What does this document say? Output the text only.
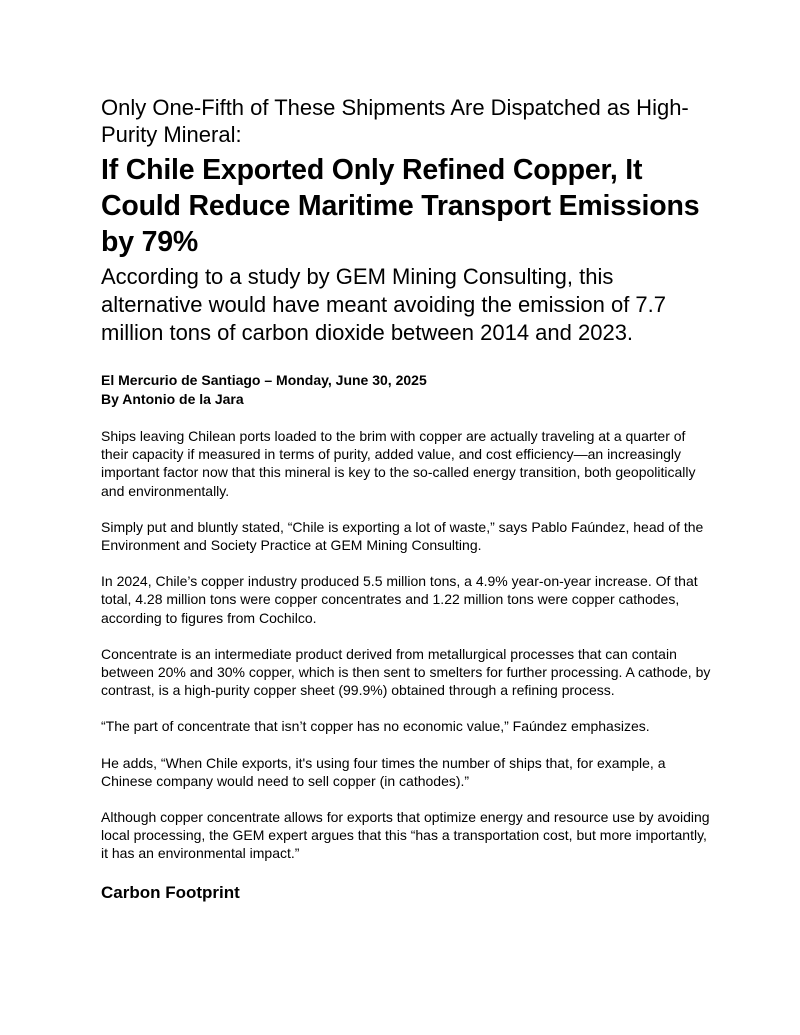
Only One-Fifth of These Shipments Are Dispatched as High-Purity Mineral:
If Chile Exported Only Refined Copper, It Could Reduce Maritime Transport Emissions by 79%

According to a study by GEM Mining Consulting, this alternative would have meant avoiding the emission of 7.7 million tons of carbon dioxide between 2014 and 2023.

El Mercurio de Santiago – Monday, June 30, 2025
By Antonio de la Jara

Ships leaving Chilean ports loaded to the brim with copper are actually traveling at a quarter of their capacity if measured in terms of purity, added value, and cost efficiency—an increasingly important factor now that this mineral is key to the so-called energy transition, both geopolitically and environmentally.

Simply put and bluntly stated, “Chile is exporting a lot of waste,” says Pablo Faúndez, head of the Environment and Society Practice at GEM Mining Consulting.

In 2024, Chile’s copper industry produced 5.5 million tons, a 4.9% year-on-year increase. Of that total, 4.28 million tons were copper concentrates and 1.22 million tons were copper cathodes, according to figures from Cochilco.

Concentrate is an intermediate product derived from metallurgical processes that can contain between 20% and 30% copper, which is then sent to smelters for further processing. A cathode, by contrast, is a high-purity copper sheet (99.9%) obtained through a refining process.

“The part of concentrate that isn’t copper has no economic value,” Faúndez emphasizes.

He adds, “When Chile exports, it's using four times the number of ships that, for example, a Chinese company would need to sell copper (in cathodes).”

Although copper concentrate allows for exports that optimize energy and resource use by avoiding local processing, the GEM expert argues that this “has a transportation cost, but more importantly, it has an environmental impact.”

Carbon Footprint
